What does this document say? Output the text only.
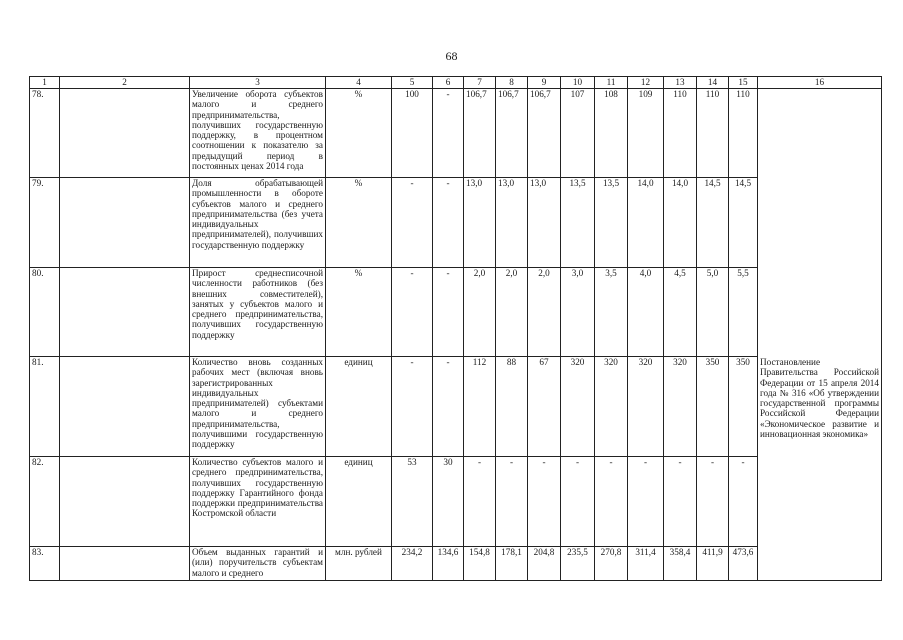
68
1	2	3	4	5	6	7	8	9	10	11	12	13	14	15	16
78.		Увеличение оборота субъектов малого и среднего предпринимательства, получивших государственную поддержку, в процентном соотношении к показателю за предыдущий период в постоянных ценах 2014 года	%	100	-	106,7	106,7	106,7	107	108	109	110	110	110	Постановление Правительства Российской Федерации от 15 апреля 2014 года № 316 «Об утверждении государственной программы Российской Федерации «Экономическое развитие и инновационная экономика»
79.		Доля обрабатывающей промышленности в обороте субъектов малого и среднего предпринимательства (без учета индивидуальных предпринимателей), получивших государственную поддержку	%	-	-	13,0	13,0	13,0	13,5	13,5	14,0	14,0	14,5	14,5	
80.		Прирост среднесписочной численности работников (без внешних совместителей), занятых у субъектов малого и среднего предпринимательства, получивших государственную поддержку	%	-	-	2,0	2,0	2,0	3,0	3,5	4,0	4,5	5,0	5,5	
81.		Количество вновь созданных рабочих мест (включая вновь зарегистрированных индивидуальных предпринимателей) субъектами малого и среднего предпринимательства, получившими государственную поддержку	единиц	-	-	112	88	67	320	320	320	320	350	350	
82.		Количество субъектов малого и среднего предпринимательства, получивших государственную поддержку Гарантийного фонда поддержки предпринимательства Костромской области	единиц	53	30	-	-	-	-	-	-	-	-	-	
83.		Объем выданных гарантий и (или) поручительств субъектам малого и среднего	млн. рублей	234,2	134,6	154,8	178,1	204,8	235,5	270,8	311,4	358,4	411,9	473,6	
